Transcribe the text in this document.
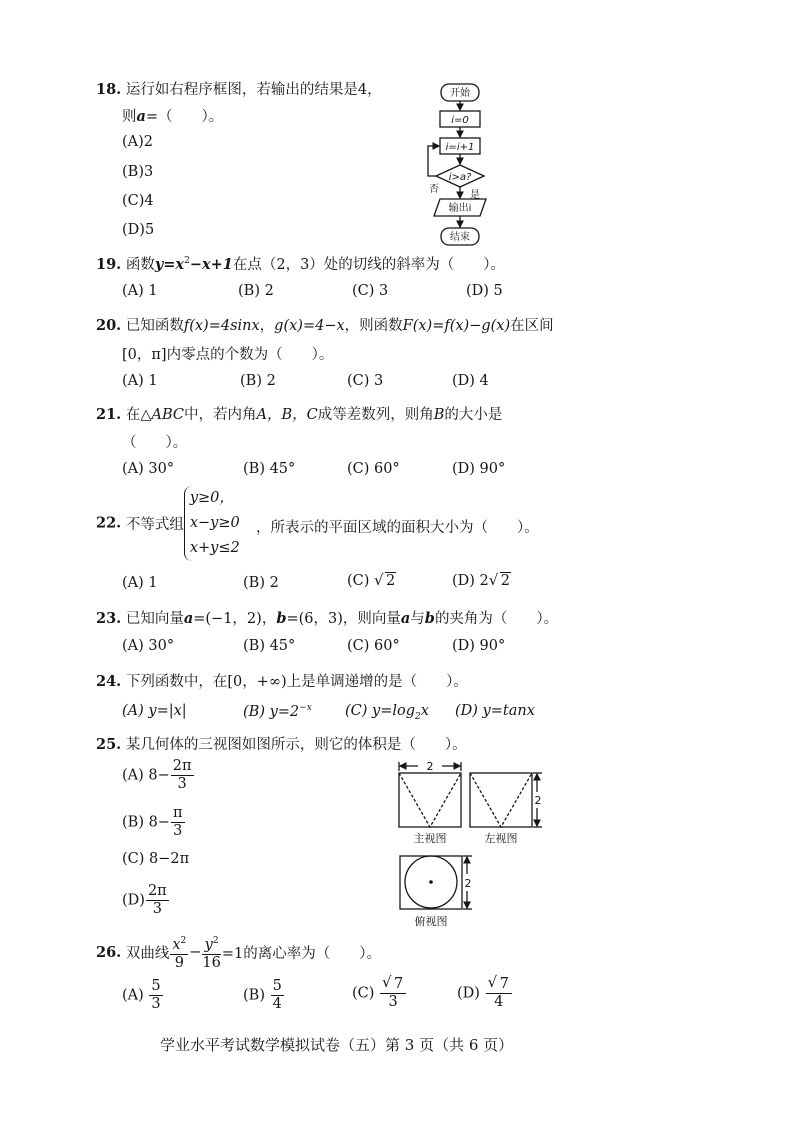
18. 运行如右程序框图，若输出的结果是4，
则a=（　　）。
(A)2
(B)3
(C)4
(D)5
开始
i=0
i=i+1
i>a?
否
是
输出i
结束
19. 函数$y=x^2-x+1$在点（2，3）处的切线的斜率为（　　）。
(A) 1	(B) 2	(C) 3	(D) 5
20. 已知函数f(x)=4sinx，g(x)=4−x，则函数F(x)=f(x)−g(x)在区间
[0，π]内零点的个数为（　　）。
(A) 1	(B) 2	(C) 3	(D) 4
21. 在△ABC中，若内角A，B，C成等差数列，则角B的大小是
（　　）。
(A) 30°	(B) 45°	(C) 60°	(D) 90°
22. 不等式组
y≥0，
x−y≥0
x+y≤2
，所表示的平面区域的面积大小为（　　）。
(A) 1	(B) 2	(C) √ 2	(D) 2 √ 2
23. 已知向量a=(−1，2)，b=(6，3)，则向量a与b的夹角为（　　）。
(A) 30°	(B) 45°	(C) 60°	(D) 90°
24. 下列函数中，在[0，+∞)上是单调递增的是（　　）。
(A) y=|x|	(B) $y=2^{-x}$ (C) $y=\log_2x$ (D) y=tanx
25. 某几何体的三视图如图所示，则它的体积是（　　）。
(A) $8- \frac{2\pi}{3}$
(B) $8- \frac{\pi}{3}$
(C) 8−2π
$(D) \frac{2\pi}{3}$
2
2
2
主视图	左视图
俯视图
26. 双曲线 $\frac{x^2}{9} - \frac{y^2}{16} =1$的离心率为（　　）。
$(A) \frac{5}{3}$	$(B) \frac{5}{4}$	$(C) \frac{√ 7}{3}$	$(D) \frac{√ 7}{4}$
学业水平考试数学模拟试卷（五）第 3 页（共 6 页）
